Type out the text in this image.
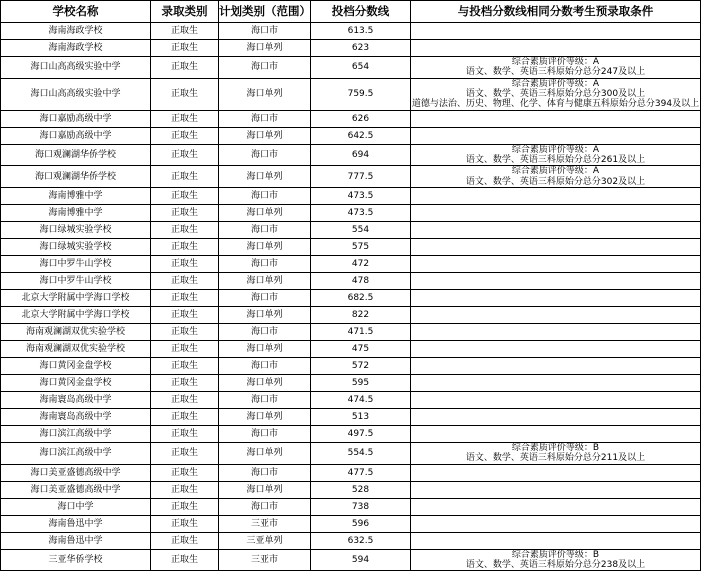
学校名称	录取类别	计划类别（范围）	投档分数线	与投档分数线相同分数考生预录取条件
海南海政学校	正取生	海口市	613.5	
海南海政学校	正取生	海口单列	623	
海口山高高级实验中学	正取生	海口市	654	综合素质评价等级：A
语文、数学、英语三科原始分总分247及以上

海口山高高级实验中学	正取生	海口单列	759.5	综合素质评价等级：A
语文、数学、英语三科原始分总分300及以上
道德与法治、历史、物理、化学、体育与健康五科原始分总分394及以上

海口嘉励高级中学	正取生	海口市	626	
海口嘉励高级中学	正取生	海口单列	642.5	
海口观澜湖华侨学校	正取生	海口市	694	综合素质评价等级：A
语文、数学、英语三科原始分总分261及以上

海口观澜湖华侨学校	正取生	海口单列	777.5	综合素质评价等级：A
语文、数学、英语三科原始分总分302及以上

海南博雅中学	正取生	海口市	473.5	
海南博雅中学	正取生	海口单列	473.5	
海口绿城实验学校	正取生	海口市	554	
海口绿城实验学校	正取生	海口单列	575	
海口中罗牛山学校	正取生	海口市	472	
海口中罗牛山学校	正取生	海口单列	478	
北京大学附属中学海口学校	正取生	海口市	682.5	
北京大学附属中学海口学校	正取生	海口单列	822	
海南观澜湖双优实验学校	正取生	海口市	471.5	
海南观澜湖双优实验学校	正取生	海口单列	475	
海口黄冈金盘学校	正取生	海口市	572	
海口黄冈金盘学校	正取生	海口单列	595	
海南寰岛高级中学	正取生	海口市	474.5	
海南寰岛高级中学	正取生	海口单列	513	
海口滨江高级中学	正取生	海口市	497.5	
海口滨江高级中学	正取生	海口单列	554.5	综合素质评价等级：B
语文、数学、英语三科原始分总分211及以上

海口美亚盛德高级中学	正取生	海口市	477.5	
海口美亚盛德高级中学	正取生	海口单列	528	
海口中学	正取生	海口市	738	
海南鲁迅中学	正取生	三亚市	596	
海南鲁迅中学	正取生	三亚单列	632.5	
三亚华侨学校	正取生	三亚市	594	综合素质评价等级：B
语文、数学、英语三科原始分总分238及以上
